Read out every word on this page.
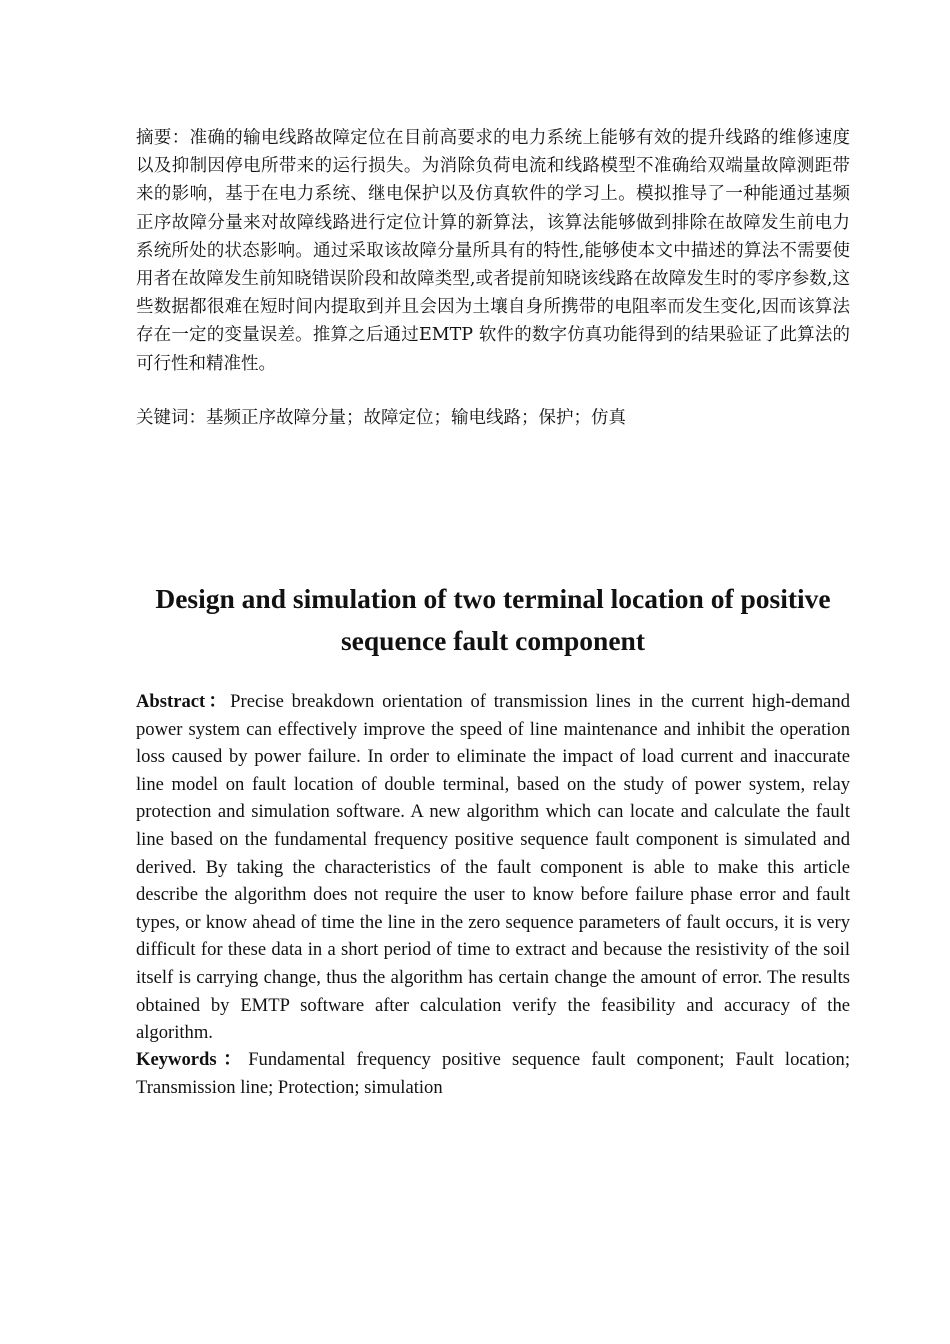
摘要：准确的输电线路故障定位在目前高要求的电力系统上能够有效的提升线路的维修速度以及抑制因停电所带来的运行损失。为消除负荷电流和线路模型不准确给双端量故障测距带来的影响，基于在电力系统、继电保护以及仿真软件的学习上。模拟推导了一种能通过基频正序故障分量来对故障线路进行定位计算的新算法，该算法能够做到排除在故障发生前电力系统所处的状态影响。通过采取该故障分量所具有的特性,能够使本文中描述的算法不需要使用者在故障发生前知晓错误阶段和故障类型,或者提前知晓该线路在故障发生时的零序参数,这些数据都很难在短时间内提取到并且会因为土壤自身所携带的电阻率而发生变化,因而该算法存在一定的变量误差。推算之后通过EMTP 软件的数字仿真功能得到的结果验证了此算法的可行性和精准性。
关键词：基频正序故障分量；故障定位；输电线路；保护；仿真
Design and simulation of two terminal location of positive sequence fault component
Abstract：Precise breakdown orientation of transmission lines in the current high-demand power system can effectively improve the speed of line maintenance and inhibit the operation loss caused by power failure. In order to eliminate the impact of load current and inaccurate line model on fault location of double terminal, based on the study of power system, relay protection and simulation software. A new algorithm which can locate and calculate the fault line based on the fundamental frequency positive sequence fault component is simulated and derived. By taking the characteristics of the fault component is able to make this article describe the algorithm does not require the user to know before failure phase error and fault types, or know ahead of time the line in the zero sequence parameters of fault occurs, it is very difficult for these data in a short period of time to extract and because the resistivity of the soil itself is carrying change, thus the algorithm has certain change the amount of error. The results obtained by EMTP software after calculation verify the feasibility and accuracy of the algorithm.
Keywords：Fundamental frequency positive sequence fault component; Fault location; Transmission line; Protection; simulation
